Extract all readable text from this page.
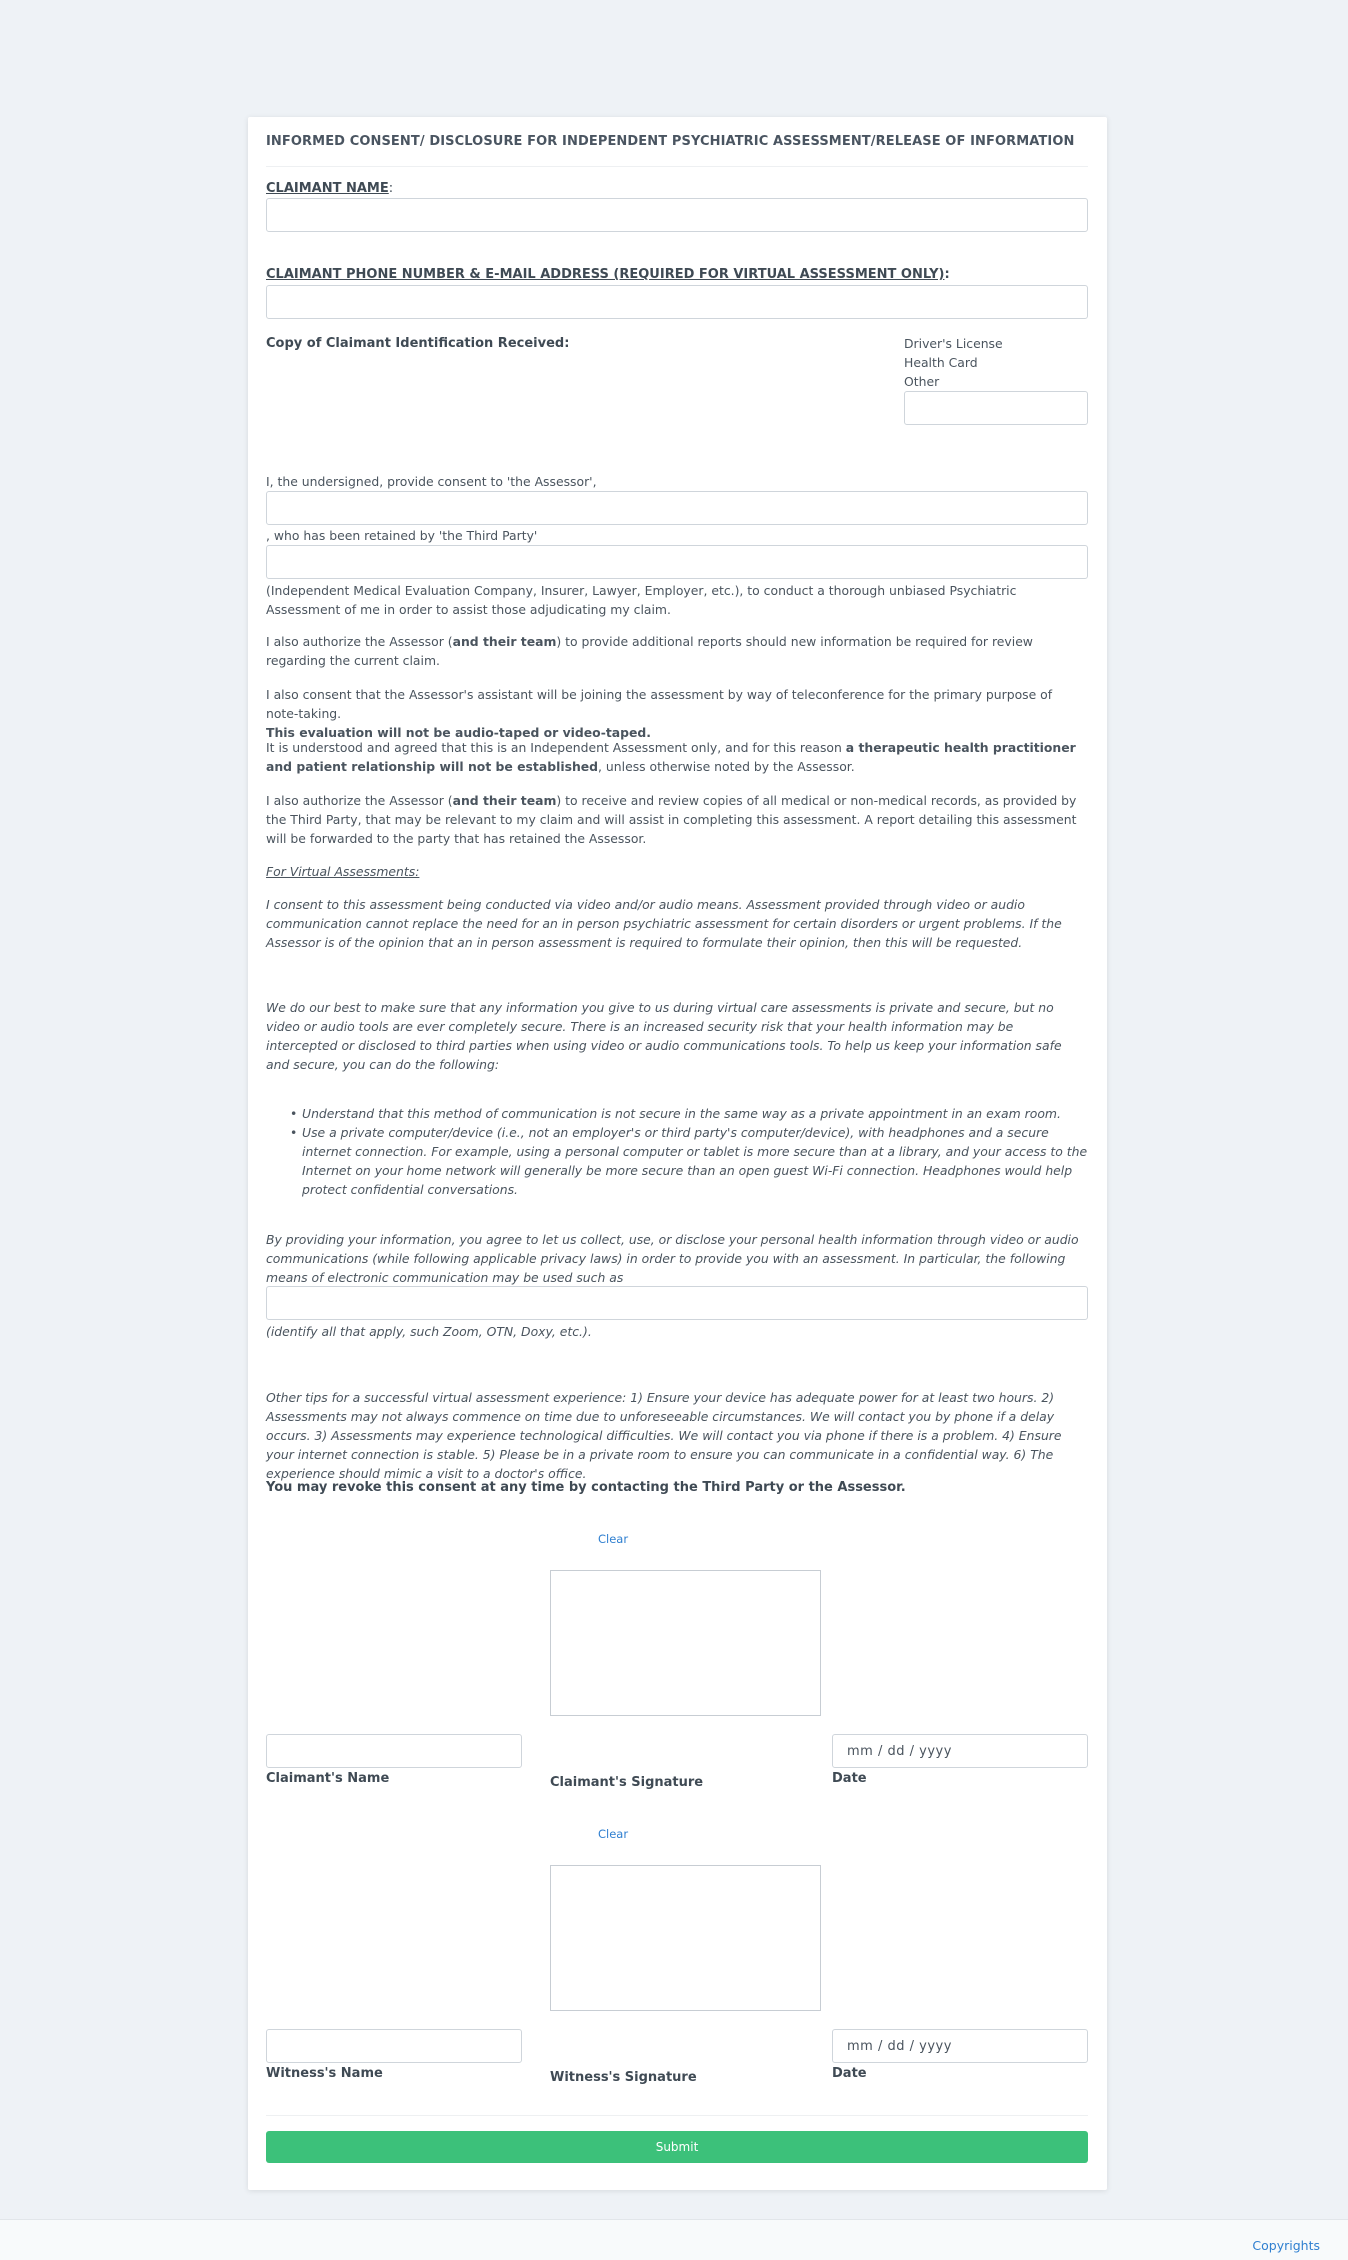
INFORMED CONSENT/ DISCLOSURE FOR INDEPENDENT PSYCHIATRIC ASSESSMENT/RELEASE OF INFORMATION
CLAIMANT NAME:
CLAIMANT PHONE NUMBER & E-MAIL ADDRESS (REQUIRED FOR VIRTUAL ASSESSMENT ONLY):
Copy of Claimant Identification Received:	Driver's License
Health Card
Other
I, the undersigned, provide consent to 'the Assessor',
, who has been retained by 'the Third Party'

(Independent Medical Evaluation Company, Insurer, Lawyer, Employer, etc.), to conduct a thorough unbiased Psychiatric Assessment of me in order to assist those adjudicating my claim.

I also authorize the Assessor (and their team) to provide additional reports should new information be required for review regarding the current claim.

I also consent that the Assessor's assistant will be joining the assessment by way of teleconference for the primary purpose of note-taking.
This evaluation will not be audio-taped or video-taped.

It is understood and agreed that this is an Independent Assessment only, and for this reason a therapeutic health practitioner and patient relationship will not be established, unless otherwise noted by the Assessor.

I also authorize the Assessor (and their team) to receive and review copies of all medical or non-medical records, as provided by the Third Party, that may be relevant to my claim and will assist in completing this assessment. A report detailing this assessment will be forwarded to the party that has retained the Assessor.

For Virtual Assessments:

I consent to this assessment being conducted via video and/or audio means. Assessment provided through video or audio communication cannot replace the need for an in person psychiatric assessment for certain disorders or urgent problems. If the Assessor is of the opinion that an in person assessment is required to formulate their opinion, then this will be requested.

We do our best to make sure that any information you give to us during virtual care assessments is private and secure, but no video or audio tools are ever completely secure. There is an increased security risk that your health information may be intercepted or disclosed to third parties when using video or audio communications tools. To help us keep your information safe and secure, you can do the following:

• Understand that this method of communication is not secure in the same way as a private appointment in an exam room.
• Use a private computer/device (i.e., not an employer's or third party's computer/device), with headphones and a secure internet connection. For example, using a personal computer or tablet is more secure than at a library, and your access to the Internet on your home network will generally be more secure than an open guest Wi-Fi connection. Headphones would help protect confidential conversations.

By providing your information, you agree to let us collect, use, or disclose your personal health information through video or audio communications (while following applicable privacy laws) in order to provide you with an assessment. In particular, the following means of electronic communication may be used such as

(identify all that apply, such Zoom, OTN, Doxy, etc.).

Other tips for a successful virtual assessment experience: 1) Ensure your device has adequate power for at least two hours. 2) Assessments may not always commence on time due to unforeseeable circumstances. We will contact you by phone if a delay occurs. 3) Assessments may experience technological difficulties. We will contact you via phone if there is a problem. 4) Ensure your internet connection is stable. 5) Please be in a private room to ensure you can communicate in a confidential way. 6) The experience should mimic a visit to a doctor's office.

You may revoke this consent at any time by contacting the Third Party or the Assessor.

Clear
Claimant's Name	Claimant's Signature
mm / dd / yyyy
Date
Clear
Witness's Name	Witness's Signature
mm / dd / yyyy
Date
Submit
Copyrights
